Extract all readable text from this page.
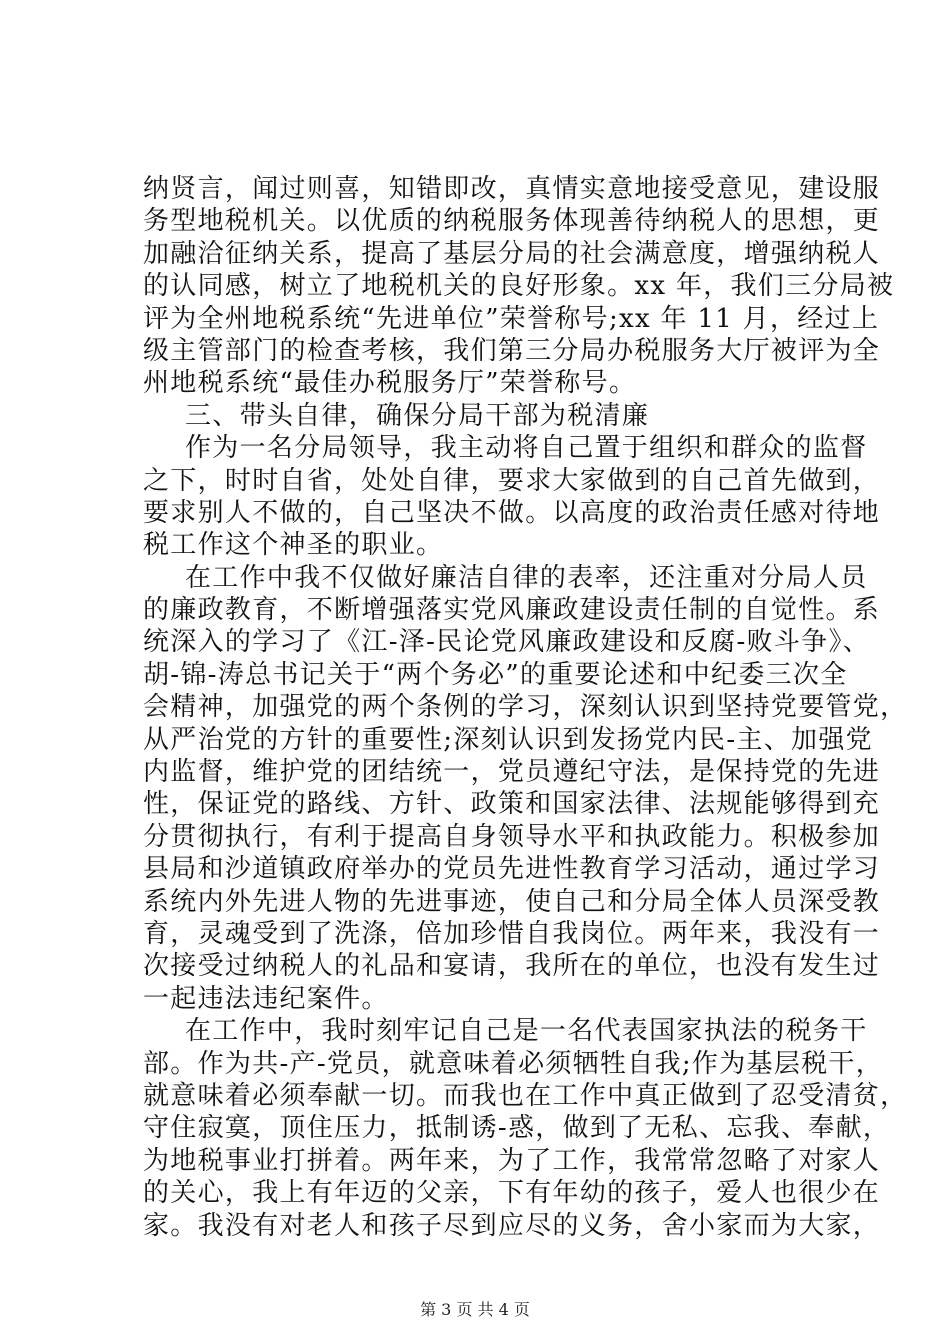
纳贤言，闻过则喜，知错即改，真情实意地接受意见，建设服
务型地税机关。以优质的纳税服务体现善待纳税人的思想，更
加融洽征纳关系，提高了基层分局的社会满意度，增强纳税人
的认同感，树立了地税机关的良好形象。xx 年，我们三分局被
评为全州地税系统“先进单位”荣誉称号;xx 年 11 月，经过上
级主管部门的检查考核，我们第三分局办税服务大厅被评为全
州地税系统“最佳办税服务厅”荣誉称号。
三、带头自律，确保分局干部为税清廉
作为一名分局领导，我主动将自己置于组织和群众的监督
之下，时时自省，处处自律，要求大家做到的自己首先做到，
要求别人不做的，自己坚决不做。以高度的政治责任感对待地
税工作这个神圣的职业。
在工作中我不仅做好廉洁自律的表率，还注重对分局人员
的廉政教育，不断增强落实党风廉政建设责任制的自觉性。系
统深入的学习了《江-泽-民论党风廉政建设和反腐-败斗争》、
胡-锦-涛总书记关于“两个务必”的重要论述和中纪委三次全
会精神，加强党的两个条例的学习，深刻认识到坚持党要管党，
从严治党的方针的重要性;深刻认识到发扬党内民-主、加强党
内监督，维护党的团结统一，党员遵纪守法，是保持党的先进
性，保证党的路线、方针、政策和国家法律、法规能够得到充
分贯彻执行，有利于提高自身领导水平和执政能力。积极参加
县局和沙道镇政府举办的党员先进性教育学习活动，通过学习
系统内外先进人物的先进事迹，使自己和分局全体人员深受教
育，灵魂受到了洗涤，倍加珍惜自我岗位。两年来，我没有一
次接受过纳税人的礼品和宴请，我所在的单位，也没有发生过
一起违法违纪案件。
在工作中，我时刻牢记自己是一名代表国家执法的税务干
部。作为共-产-党员，就意味着必须牺牲自我;作为基层税干，
就意味着必须奉献一切。而我也在工作中真正做到了忍受清贫，
守住寂寞，顶住压力，抵制诱-惑，做到了无私、忘我、奉献，
为地税事业打拼着。两年来，为了工作，我常常忽略了对家人
的关心，我上有年迈的父亲，下有年幼的孩子，爱人也很少在
家。我没有对老人和孩子尽到应尽的义务，舍小家而为大家，
第 3 页 共 4 页
